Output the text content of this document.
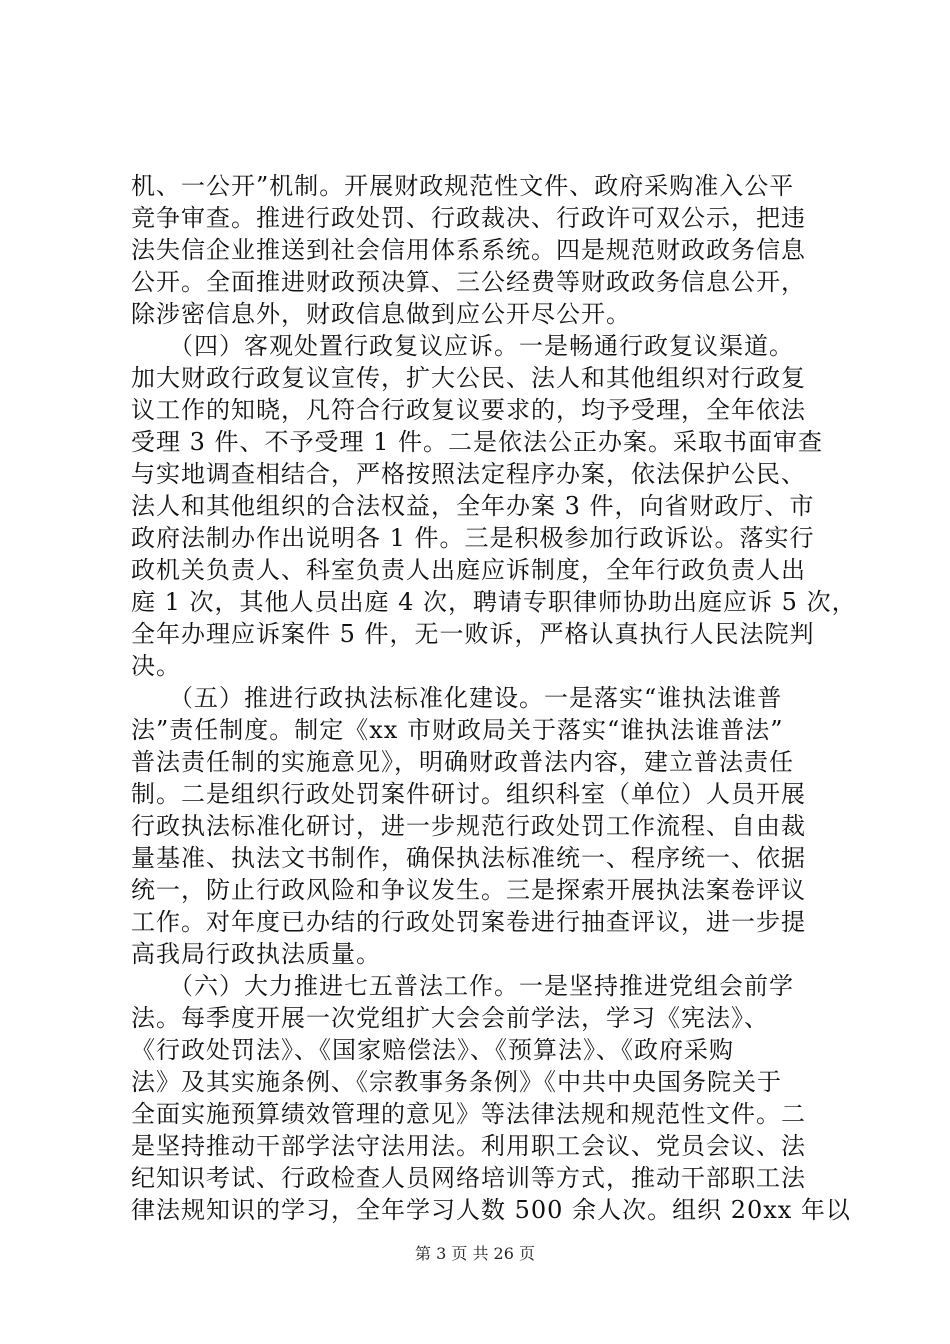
机、一公开”机制。开展财政规范性文件、政府采购准入公平
竞争审查。推进行政处罚、行政裁决、行政许可双公示，把违
法失信企业推送到社会信用体系系统。四是规范财政政务信息
公开。全面推进财政预决算、三公经费等财政政务信息公开，
除涉密信息外，财政信息做到应公开尽公开。
　　（四）客观处置行政复议应诉。一是畅通行政复议渠道。
加大财政行政复议宣传，扩大公民、法人和其他组织对行政复
议工作的知晓，凡符合行政复议要求的，均予受理，全年依法
受理 3 件、不予受理 1 件。二是依法公正办案。采取书面审查
与实地调查相结合，严格按照法定程序办案，依法保护公民、
法人和其他组织的合法权益，全年办案 3 件，向省财政厅、市
政府法制办作出说明各 1 件。三是积极参加行政诉讼。落实行
政机关负责人、科室负责人出庭应诉制度，全年行政负责人出
庭 1 次，其他人员出庭 4 次，聘请专职律师协助出庭应诉 5 次，
全年办理应诉案件 5 件，无一败诉，严格认真执行人民法院判
决。
　　（五）推进行政执法标准化建设。一是落实“谁执法谁普
法”责任制度。制定《xx 市财政局关于落实“谁执法谁普法”
普法责任制的实施意见》，明确财政普法内容，建立普法责任
制。二是组织行政处罚案件研讨。组织科室（单位）人员开展
行政执法标准化研讨，进一步规范行政处罚工作流程、自由裁
量基准、执法文书制作，确保执法标准统一、程序统一、依据
统一，防止行政风险和争议发生。三是探索开展执法案卷评议
工作。对年度已办结的行政处罚案卷进行抽查评议，进一步提
高我局行政执法质量。
　　（六）大力推进七五普法工作。一是坚持推进党组会前学
法。每季度开展一次党组扩大会会前学法，学习《宪法》、
《行政处罚法》、《国家赔偿法》、《预算法》、《政府采购
法》及其实施条例、《宗教事务条例》《中共中央国务院关于
全面实施预算绩效管理的意见》等法律法规和规范性文件。二
是坚持推动干部学法守法用法。利用职工会议、党员会议、法
纪知识考试、行政检查人员网络培训等方式，推动干部职工法
律法规知识的学习，全年学习人数 500 余人次。组织 20xx 年以
第 3 页 共 26 页
